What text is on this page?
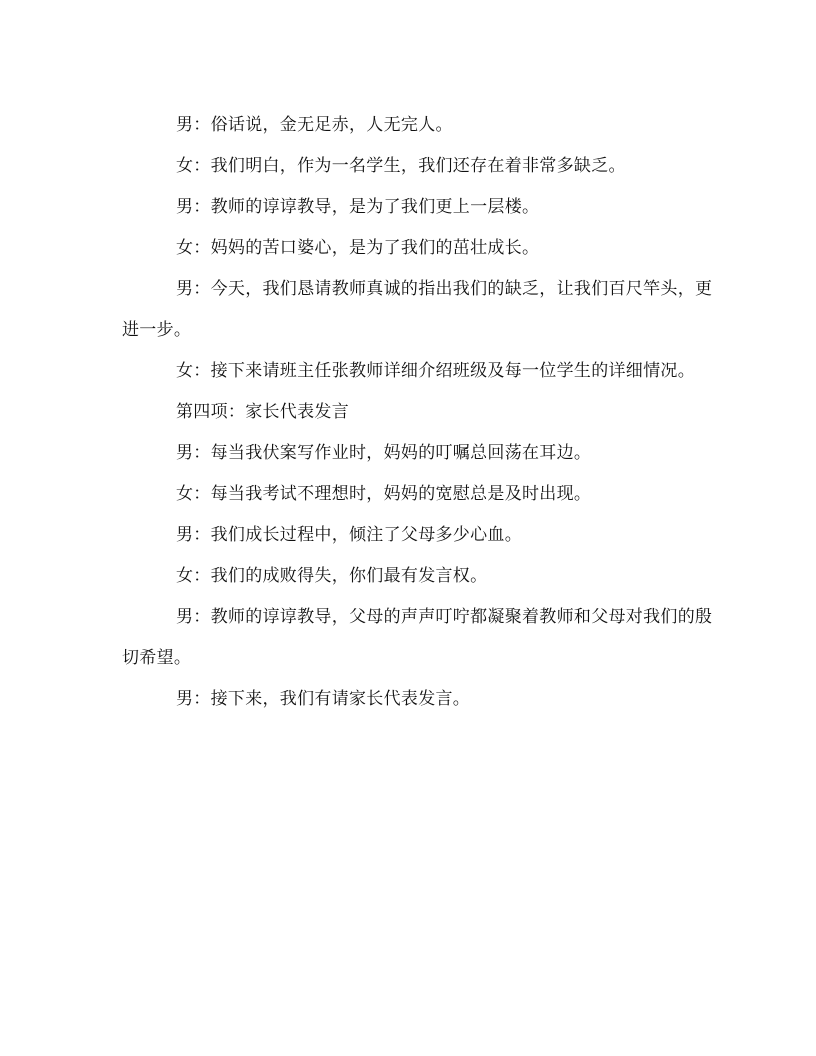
男：俗话说，金无足赤，人无完人。

女：我们明白，作为一名学生，我们还存在着非常多缺乏。

男：教师的谆谆教导，是为了我们更上一层楼。

女：妈妈的苦口婆心，是为了我们的茁壮成长。

男：今天，我们恳请教师真诚的指出我们的缺乏，让我们百尺竿头，更进一步。

女：接下来请班主任张教师详细介绍班级及每一位学生的详细情况。

第四项：家长代表发言

男：每当我伏案写作业时，妈妈的叮嘱总回荡在耳边。

女：每当我考试不理想时，妈妈的宽慰总是及时出现。

男：我们成长过程中，倾注了父母多少心血。

女：我们的成败得失，你们最有发言权。

男：教师的谆谆教导，父母的声声叮咛都凝聚着教师和父母对我们的殷切希望。

男：接下来，我们有请家长代表发言。
